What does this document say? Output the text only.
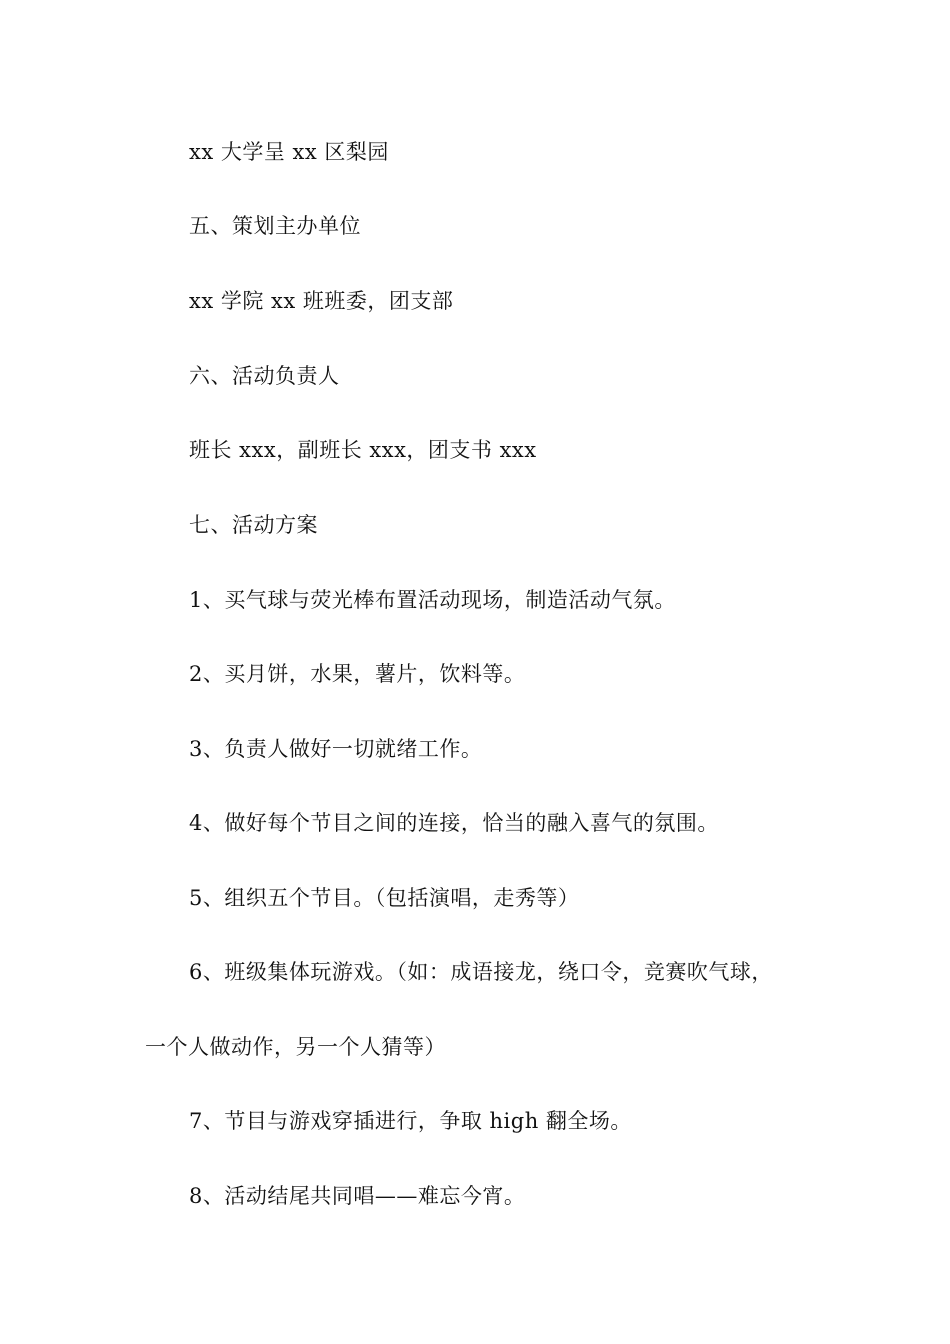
xx 大学呈 xx 区梨园
五、策划主办单位
xx 学院 xx 班班委，团支部
六、活动负责人
班长 xxx，副班长 xxx，团支书 xxx
七、活动方案
1、买气球与荧光棒布置活动现场，制造活动气氛。
2、买月饼，水果，薯片，饮料等。
3、负责人做好一切就绪工作。
4、做好每个节目之间的连接，恰当的融入喜气的氛围。
5、组织五个节目。（包括演唱，走秀等）
6、班级集体玩游戏。（如：成语接龙，绕口令，竞赛吹气球，
一个人做动作，另一个人猜等）
7、节目与游戏穿插进行，争取 high 翻全场。
8、活动结尾共同唱——难忘今宵。
